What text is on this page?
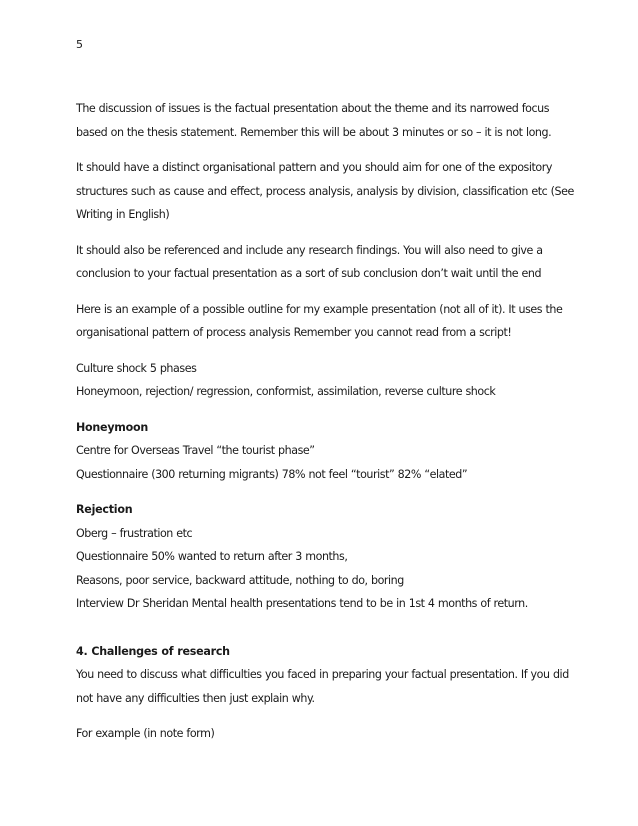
5
The discussion of issues is the factual presentation about the theme and its narrowed focus
based on the thesis statement. Remember this will be about 3 minutes or so – it is not long.
It should have a distinct organisational pattern and you should aim for one of the expository
structures such as cause and effect, process analysis, analysis by division, classification etc (See
Writing in English)
It should also be referenced and include any research findings. You will also need to give a
conclusion to your factual presentation as a sort of sub conclusion don’t wait until the end
Here is an example of a possible outline for my example presentation (not all of it). It uses the
organisational pattern of process analysis Remember you cannot read from a script!
Culture shock 5 phases
Honeymoon, rejection/ regression, conformist, assimilation, reverse culture shock
Honeymoon
Centre for Overseas Travel “the tourist phase”
Questionnaire (300 returning migrants) 78% not feel “tourist” 82% “elated”
Rejection
Oberg – frustration etc
Questionnaire 50% wanted to return after 3 months,
Reasons, poor service, backward attitude, nothing to do, boring
Interview Dr Sheridan Mental health presentations tend to be in 1st 4 months of return.
4. Challenges of research
You need to discuss what difficulties you faced in preparing your factual presentation. If you did
not have any difficulties then just explain why.
For example (in note form)
